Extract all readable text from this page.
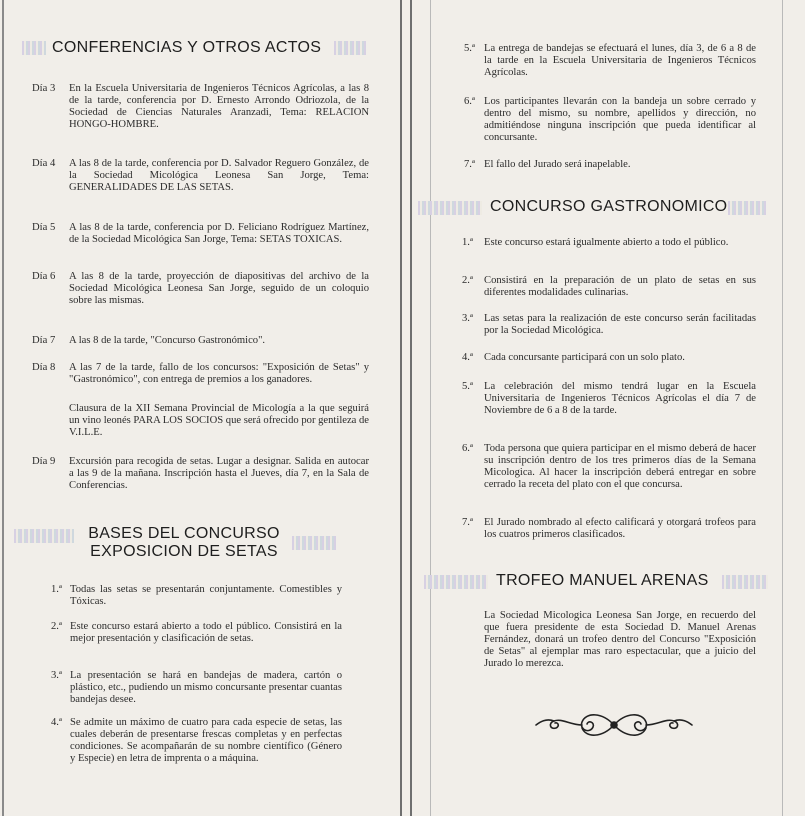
CONFERENCIAS Y OTROS ACTOS
Día 3 En la Escuela Universitaria de Ingenieros Técnicos Agrícolas, a las 8 de la tarde, conferencia por D. Ernesto Arrondo Odriozola, de la Sociedad de Ciencias Naturales Aranzadi, Tema: RELACION HONGO-HOMBRE.
Día 4 A las 8 de la tarde, conferencia por D. Salvador Reguero González, de la Sociedad Micológica Leonesa San Jorge, Tema: GENERALIDADES DE LAS SETAS.
Día 5 A las 8 de la tarde, conferencia por D. Feliciano Rodríguez Martínez, de la Sociedad Micológica San Jorge, Tema: SETAS TOXICAS.
Día 6 A las 8 de la tarde, proyección de diapositivas del archivo de la Sociedad Micológica Leonesa San Jorge, seguido de un coloquio sobre las mismas.
Día 7 A las 8 de la tarde, "Concurso Gastronómico".
Día 8 A las 7 de la tarde, fallo de los concursos: "Exposición de Setas" y "Gastronómico", con entrega de premios a los ganadores.
Clausura de la XII Semana Provincial de Micología a la que seguirá un vino leonés PARA LOS SOCIOS que será ofrecido por gentileza de V.I.L.E.
Día 9 Excursión para recogida de setas. Lugar a designar. Salida en autocar a las 9 de la mañana. Inscripción hasta el Jueves, día 7, en la Sala de Conferencias.
BASES DEL CONCURSO
EXPOSICION DE SETAS
1.ª Todas las setas se presentarán conjuntamente. Comestibles y Tóxicas.
2.ª Este concurso estará abierto a todo el público. Consistirá en la mejor presentación y clasificación de setas.
3.ª La presentación se hará en bandejas de madera, cartón o plástico, etc., pudiendo un mismo concursante presentar cuantas bandejas desee.
4.ª Se admite un máximo de cuatro para cada especie de setas, las cuales deberán de presentarse frescas completas y en perfectas condiciones. Se acompañarán de su nombre científico (Género y Especie) en letra de imprenta o a máquina.
5.ª La entrega de bandejas se efectuará el lunes, día 3, de 6 a 8 de la tarde en la Escuela Universitaria de Ingenieros Técnicos Agrícolas.
6.ª Los participantes llevarán con la bandeja un sobre cerrado y dentro del mismo, su nombre, apellidos y dirección, no admitiéndose ninguna inscripción que pueda identificar al concursante.
7.ª El fallo del Jurado será inapelable.
CONCURSO GASTRONOMICO
1.ª Este concurso estará igualmente abierto a todo el público.
2.ª Consistirá en la preparación de un plato de setas en sus diferentes modalidades culinarias.
3.ª Las setas para la realización de este concurso serán facilitadas por la Sociedad Micológica.
4.ª Cada concursante participará con un solo plato.
5.ª La celebración del mismo tendrá lugar en la Escuela Universitaria de Ingenieros Técnicos Agrícolas el día 7 de Noviembre de 6 a 8 de la tarde.
6.ª Toda persona que quiera participar en el mismo deberá de hacer su inscripción dentro de los tres primeros días de la Semana Micologica. Al hacer la inscripción deberá entregar en sobre cerrado la receta del plato con el que concursa.
7.ª El Jurado nombrado al efecto calificará y otorgará trofeos para los cuatros primeros clasificados.
TROFEO MANUEL ARENAS
La Sociedad Micologica Leonesa San Jorge, en recuerdo del que fuera presidente de esta Sociedad D. Manuel Arenas Fernández, donará un trofeo dentro del Concurso "Exposición de Setas" al ejemplar mas raro espectacular, que a juicio del Jurado lo merezca.
